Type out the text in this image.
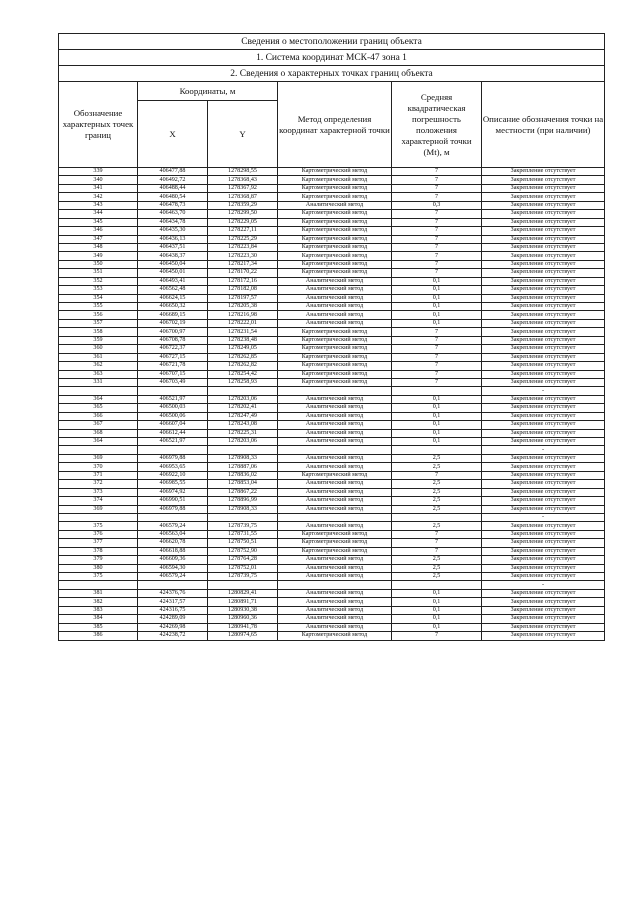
Сведения о местоположении границ объекта					
1. Система координат МСК-47 зона 1					
2. Сведения о характерных точках границ объекта					
Обозначение характерных точек границ	Координаты, м		Метод определения координат характерной точки	Средняя квадратическая погрешность положения характерной точки (Mt), м	Описание обозначения точки на местности (при наличии)
	X	Y			
339	406477,88	1278298,55	Картометрический метод	7	Закрепление отсутствует
340	406492,72	1278368,43	Картометрический метод	7	Закрепление отсутствует
341	406488,44	1278367,92	Картометрический метод	7	Закрепление отсутствует
342	406480,54	1278368,87	Картометрический метод	7	Закрепление отсутствует
343	406478,73	1278359,29	Аналитический метод	0,3	Закрепление отсутствует
344	406463,70	1278299,50	Картометрический метод	7	Закрепление отсутствует
345	406434,78	1278229,05	Картометрический метод	7	Закрепление отсутствует
346	406435,30	1278227,11	Картометрический метод	7	Закрепление отсутствует
347	406436,13	1278225,29	Картометрический метод	7	Закрепление отсутствует
348	406437,51	1278223,84	Картометрический метод	7	Закрепление отсутствует
349	406438,37	1278223,30	Картометрический метод	7	Закрепление отсутствует
350	406450,04	1278217,34	Картометрический метод	7	Закрепление отсутствует
351	406450,01	1278170,22	Картометрический метод	7	Закрепление отсутствует
352	406493,41	1278172,16	Аналитический метод	0,1	Закрепление отсутствует
353	406562,48	1278182,08	Аналитический метод	0,1	Закрепление отсутствует
354	406624,15	1278197,57	Аналитический метод	0,1	Закрепление отсутствует
355	406650,32	1278205,38	Аналитический метод	0,1	Закрепление отсутствует
356	406689,15	1278216,98	Аналитический метод	0,1	Закрепление отсутствует
357	406702,19	1278222,01	Аналитический метод	0,1	Закрепление отсутствует
358	406700,97	1278231,54	Картометрический метод	7	Закрепление отсутствует
359	406708,78	1278238,48	Картометрический метод	7	Закрепление отсутствует
360	406722,37	1278249,05	Картометрический метод	7	Закрепление отсутствует
361	406727,15	1278262,85	Картометрический метод	7	Закрепление отсутствует
362	406721,78	1278262,82	Картометрический метод	7	Закрепление отсутствует
363	406707,15	1278254,42	Картометрический метод	7	Закрепление отсутствует
331	406703,49	1278258,93	Картометрический метод	7	Закрепление отсутствует
					-
364	406521,97	1278203,06	Аналитический метод	0,1	Закрепление отсутствует
365	406500,03	1278202,41	Аналитический метод	0,1	Закрепление отсутствует
366	406500,06	1278247,49	Аналитический метод	0,1	Закрепление отсутствует
367	406607,04	1278243,08	Аналитический метод	0,1	Закрепление отсутствует
368	406612,44	1278225,31	Аналитический метод	0,1	Закрепление отсутствует
364	406521,97	1278203,06	Аналитический метод	0,1	Закрепление отсутствует
					-
369	406979,88	1278908,33	Аналитический метод	2,5	Закрепление отсутствует
370	406953,65	1278887,06	Аналитический метод	2,5	Закрепление отсутствует
371	406922,10	1278836,02	Картометрический метод	7	Закрепление отсутствует
372	406985,55	1278853,04	Аналитический метод	2,5	Закрепление отсутствует
373	406974,92	1278867,22	Аналитический метод	2,5	Закрепление отсутствует
374	406990,51	1278896,99	Аналитический метод	2,5	Закрепление отсутствует
369	406979,88	1278908,33	Аналитический метод	2,5	Закрепление отсутствует
					-
375	406579,24	1278739,75	Аналитический метод	2,5	Закрепление отсутствует
376	406563,04	1278731,55	Картометрический метод	7	Закрепление отсутствует
377	406620,78	1278750,51	Картометрический метод	7	Закрепление отсутствует
378	406618,88	1278752,90	Картометрический метод	7	Закрепление отсутствует
379	406609,36	1278764,28	Аналитический метод	2,5	Закрепление отсутствует
380	406594,30	1278752,01	Аналитический метод	2,5	Закрепление отсутствует
375	406579,24	1278739,75	Аналитический метод	2,5	Закрепление отсутствует
					-
381	424376,76	1280829,41	Аналитический метод	0,1	Закрепление отсутствует
382	424317,57	1280891,71	Аналитический метод	0,1	Закрепление отсутствует
383	424316,75	1280930,38	Аналитический метод	0,1	Закрепление отсутствует
384	424289,09	1280960,36	Аналитический метод	0,1	Закрепление отсутствует
385	424269,98	1280941,78	Аналитический метод	0,1	Закрепление отсутствует
386	424238,72	1280974,65	Картометрический метод	7	Закрепление отсутствует
